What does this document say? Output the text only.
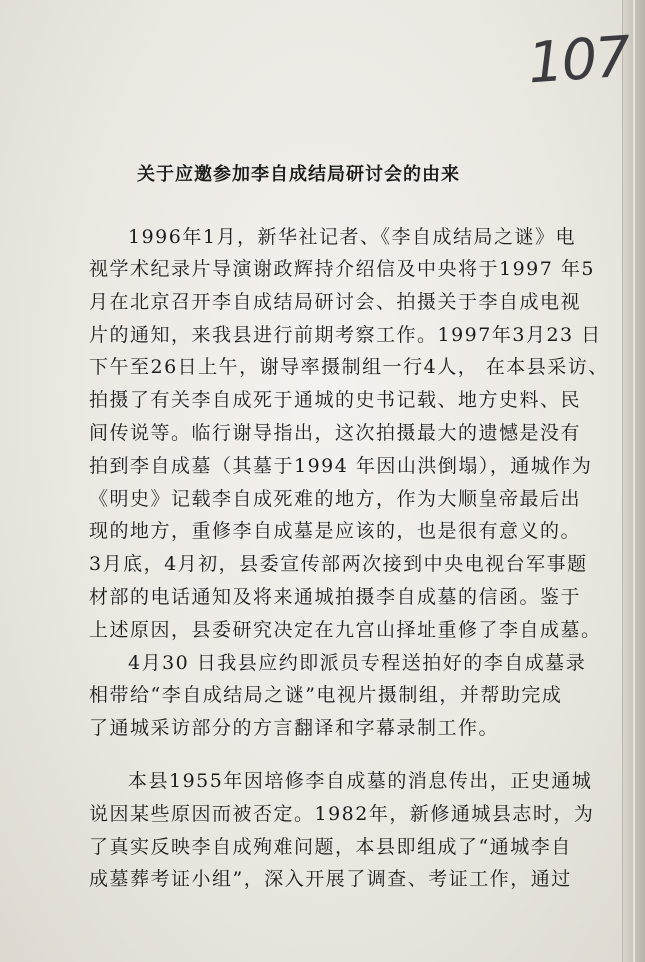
107
关于应邀参加李自成结局研讨会的由来
1996年1月，新华社记者、《李自成结局之谜》电
视学术纪录片导演谢政辉持介绍信及中央将于1997 年5
月在北京召开李自成结局研讨会、拍摄关于李自成电视
片的通知，来我县进行前期考察工作。1997年3月23 日
下午至26日上午，谢导率摄制组一行4人， 在本县采访、
拍摄了有关李自成死于通城的史书记载、地方史料、民
间传说等。临行谢导指出，这次拍摄最大的遗憾是没有
拍到李自成墓（其墓于1994 年因山洪倒塌），通城作为
《明史》记载李自成死难的地方，作为大顺皇帝最后出
现的地方，重修李自成墓是应该的，也是很有意义的。
3月底，4月初，县委宣传部两次接到中央电视台军事题
材部的电话通知及将来通城拍摄李自成墓的信函。鉴于
上述原因，县委研究决定在九宫山择址重修了李自成墓。
4月30 日我县应约即派员专程送拍好的李自成墓录
相带给“李自成结局之谜”电视片摄制组，并帮助完成
了通城采访部分的方言翻译和字幕录制工作。
本县1955年因培修李自成墓的消息传出，正史通城
说因某些原因而被否定。1982年，新修通城县志时，为
了真实反映李自成殉难问题，本县即组成了“通城李自
成墓葬考证小组”，深入开展了调查、考证工作，通过
